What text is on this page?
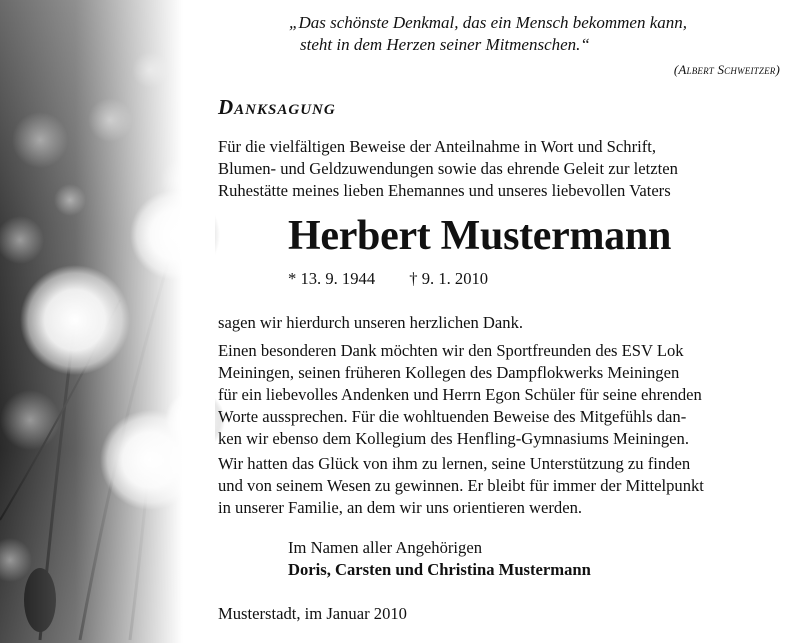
„Das schönste Denkmal, das ein Mensch bekommen kann,
steht in dem Herzen seiner Mitmenschen.“
(Albert Schweitzer)
Danksagung
Für die vielfältigen Beweise der Anteilnahme in Wort und Schrift,
Blumen- und Geldzuwendungen sowie das ehrende Geleit zur letzten
Ruhestätte meines lieben Ehemannes und unseres liebevollen Vaters
Herbert Mustermann
* 13. 9. 1944 † 9. 1. 2010
sagen wir hierdurch unseren herzlichen Dank.
Einen besonderen Dank möchten wir den Sportfreunden des ESV Lok
Meiningen, seinen früheren Kollegen des Dampflokwerks Meiningen
für ein liebevolles Andenken und Herrn Egon Schüler für seine ehrenden
Worte aussprechen. Für die wohltuenden Beweise des Mitgefühls dan-
ken wir ebenso dem Kollegium des Henfling-Gymnasiums Meiningen.
Wir hatten das Glück von ihm zu lernen, seine Unterstützung zu finden
und von seinem Wesen zu gewinnen. Er bleibt für immer der Mittelpunkt
in unserer Familie, an dem wir uns orientieren werden.
Im Namen aller Angehörigen
Doris, Carsten und Christina Mustermann
Musterstadt, im Januar 2010
